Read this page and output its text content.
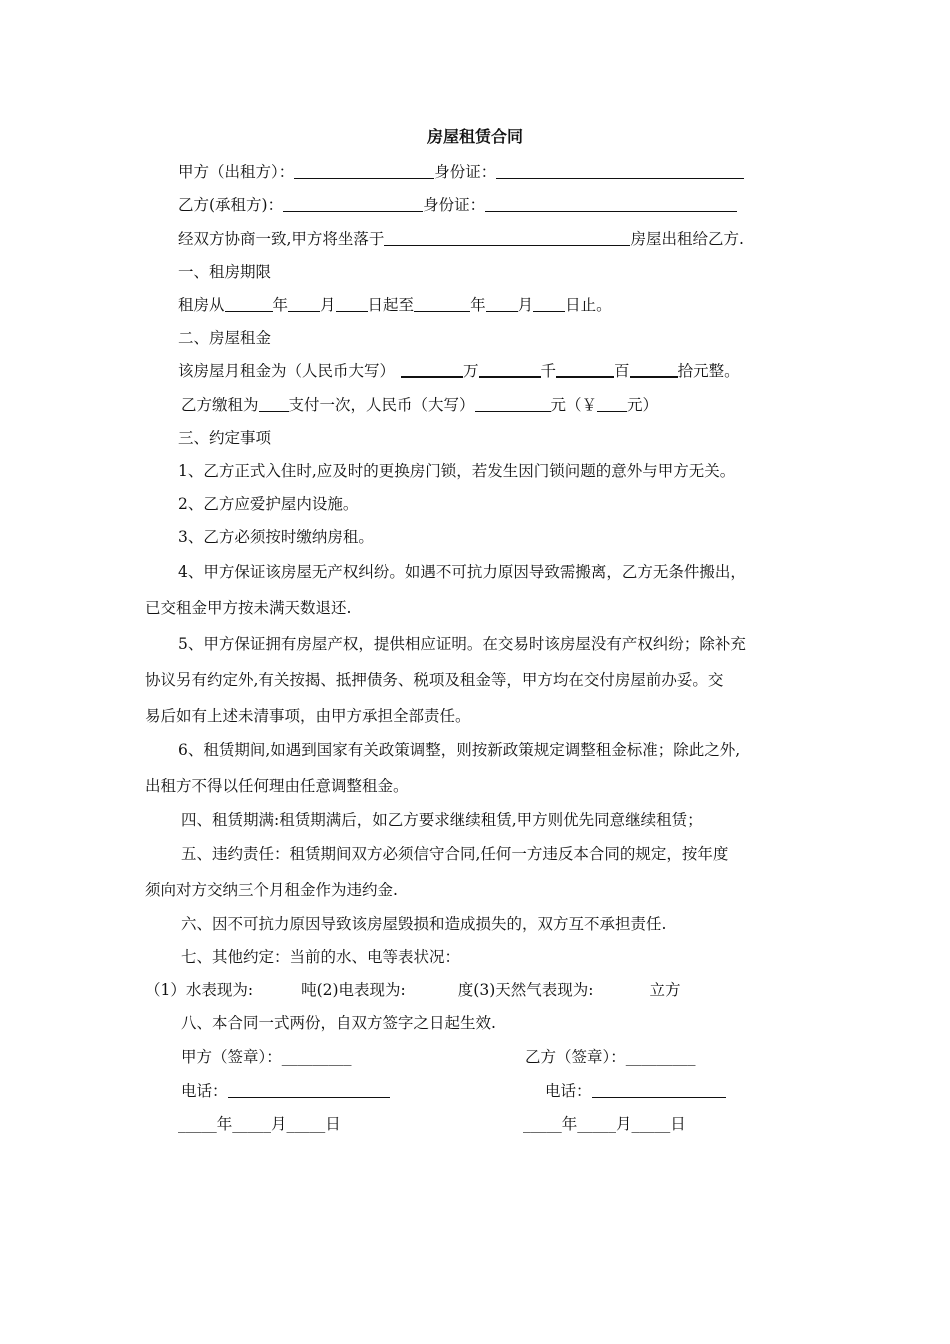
房屋租赁合同
甲方（出租方）：	身份证：
乙方(承租方)：	身份证：
经双方协商一致,甲方将坐落于	房屋出租给乙方.
一、租房期限
租房从	年 月 日起至	年 月 日止。
二、房屋租金
该房屋月租金为（人民币大写）	万	千	百	拾元整。
乙方缴租为 支付一次，人民币（大写）	元（￥ 元）
三、约定事项
1、乙方正式入住时,应及时的更换房门锁，若发生因门锁问题的意外与甲方无关。
2、乙方应爱护屋内设施。
3、乙方必须按时缴纳房租。
4、甲方保证该房屋无产权纠纷。如遇不可抗力原因导致需搬离，乙方无条件搬出，
已交租金甲方按未满天数退还.
5、甲方保证拥有房屋产权，提供相应证明。在交易时该房屋没有产权纠纷；除补充
协议另有约定外,有关按揭、抵押债务、税项及租金等，甲方均在交付房屋前办妥。交
易后如有上述未清事项，由甲方承担全部责任。
6、租赁期间,如遇到国家有关政策调整，则按新政策规定调整租金标准；除此之外,
出租方不得以任何理由任意调整租金。
四、租赁期满:租赁期满后，如乙方要求继续租赁,甲方则优先同意继续租赁；
五、违约责任：租赁期间双方必须信守合同,任何一方违反本合同的规定，按年度
须向对方交纳三个月租金作为违约金.
六、因不可抗力原因导致该房屋毁损和造成损失的，双方互不承担责任.
七、其他约定：当前的水、电等表状况：
（1）水表现为:	吨(2)电表现为:	度(3)天然气表现为:	立方
八、本合同一式两份，自双方签字之日起生效.
甲方（签章）：_________	乙方（签章）：_________
电话：	电话：
_____年_____月_____日	_____年_____月_____日
